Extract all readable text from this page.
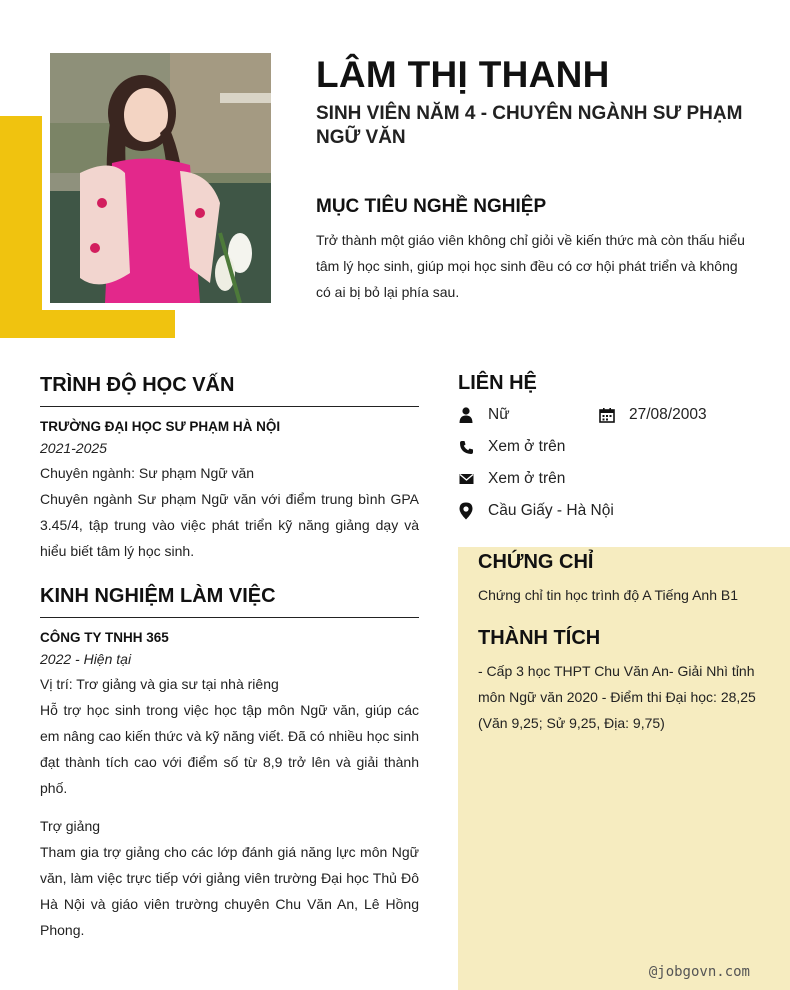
LÂM THỊ THANH
SINH VIÊN NĂM 4 - CHUYÊN NGÀNH SƯ PHẠM NGỮ VĂN
MỤC TIÊU NGHỀ NGHIỆP
Trở thành một giáo viên không chỉ giỏi về kiến thức mà còn thấu hiểu tâm lý học sinh, giúp mọi học sinh đều có cơ hội phát triển và không có ai bị bỏ lại phía sau.
TRÌNH ĐỘ HỌC VẤN
TRƯỜNG ĐẠI HỌC SƯ PHẠM HÀ NỘI
2021-2025
Chuyên ngành: Sư phạm Ngữ văn
Chuyên ngành Sư phạm Ngữ văn với điểm trung bình GPA 3.45/4, tập trung vào việc phát triển kỹ năng giảng dạy và hiểu biết tâm lý học sinh.
KINH NGHIỆM LÀM VIỆC
CÔNG TY TNHH 365
2022 - Hiện tại
Vị trí: Trơ giảng và gia sư tại nhà riêng
Hỗ trợ học sinh trong việc học tập môn Ngữ văn, giúp các em nâng cao kiến thức và kỹ năng viết. Đã có nhiều học sinh đạt thành tích cao với điểm số từ 8,9 trở lên và giải thành phố.
Trợ giảng
Tham gia trợ giảng cho các lớp đánh giá năng lực môn Ngữ văn, làm việc trực tiếp với giảng viên trường Đại học Thủ Đô Hà Nội và giáo viên trường chuyên Chu Văn An, Lê Hồng Phong.
LIÊN HỆ
Nữ	27/08/2003
Xem ở trên
Xem ở trên
Cầu Giấy - Hà Nội
CHỨNG CHỈ
Chứng chỉ tin học trình độ A Tiếng Anh B1
THÀNH TÍCH
- Cấp 3 học THPT Chu Văn An- Giải Nhì tỉnh môn Ngữ văn 2020 - Điểm thi Đại học: 28,25 (Văn 9,25; Sử 9,25, Địa: 9,75)
@jobgovn.com
